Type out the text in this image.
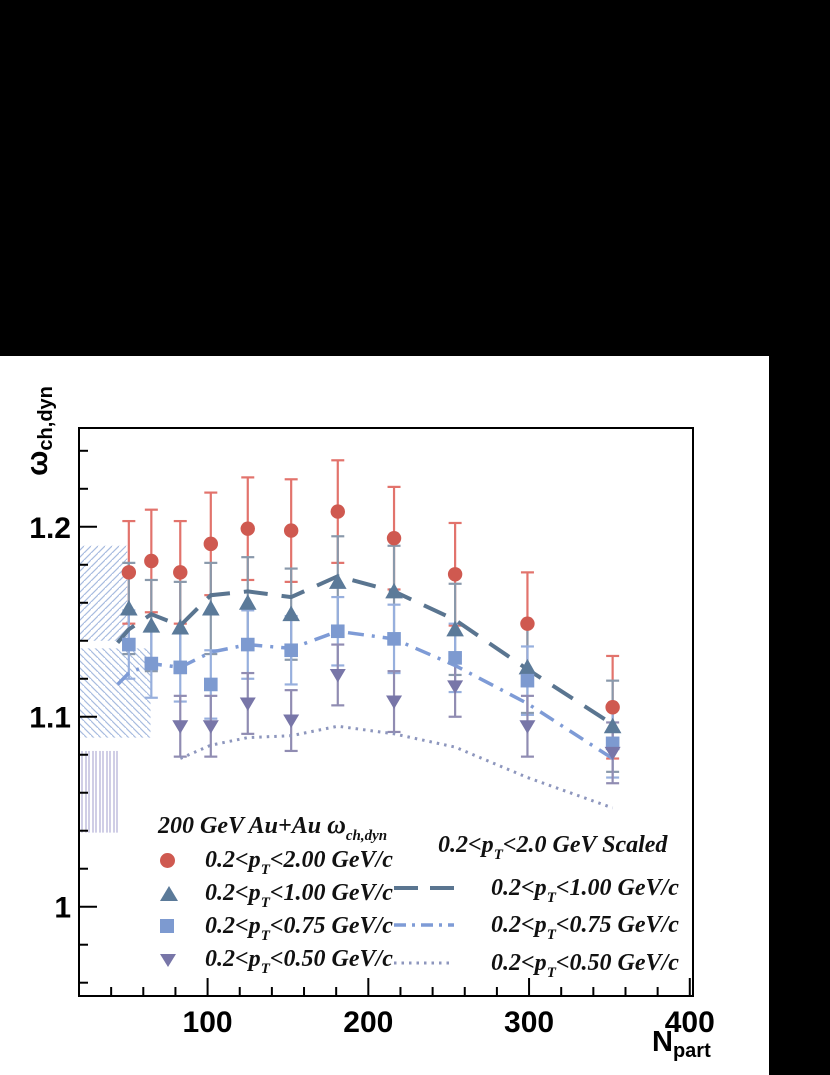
100	200	300	400
1
1.1
1.2
$\omega_{ch,dyn}$
$N_{part}$
200 GeV Au+Au $\omega_{ch,dyn}$
$0.2<p_T<2.00$ GeV/c
$0.2<p_T<1.00$ GeV/c
$0.2<p_T<0.75$ GeV/c
$0.2<p_T<0.50$ GeV/c
$0.2<p_T<2.0$ GeV Scaled
$0.2<p_T<1.00$ GeV/c
$0.2<p_T<0.75$ GeV/c
$0.2<p_T<0.50$ GeV/c
